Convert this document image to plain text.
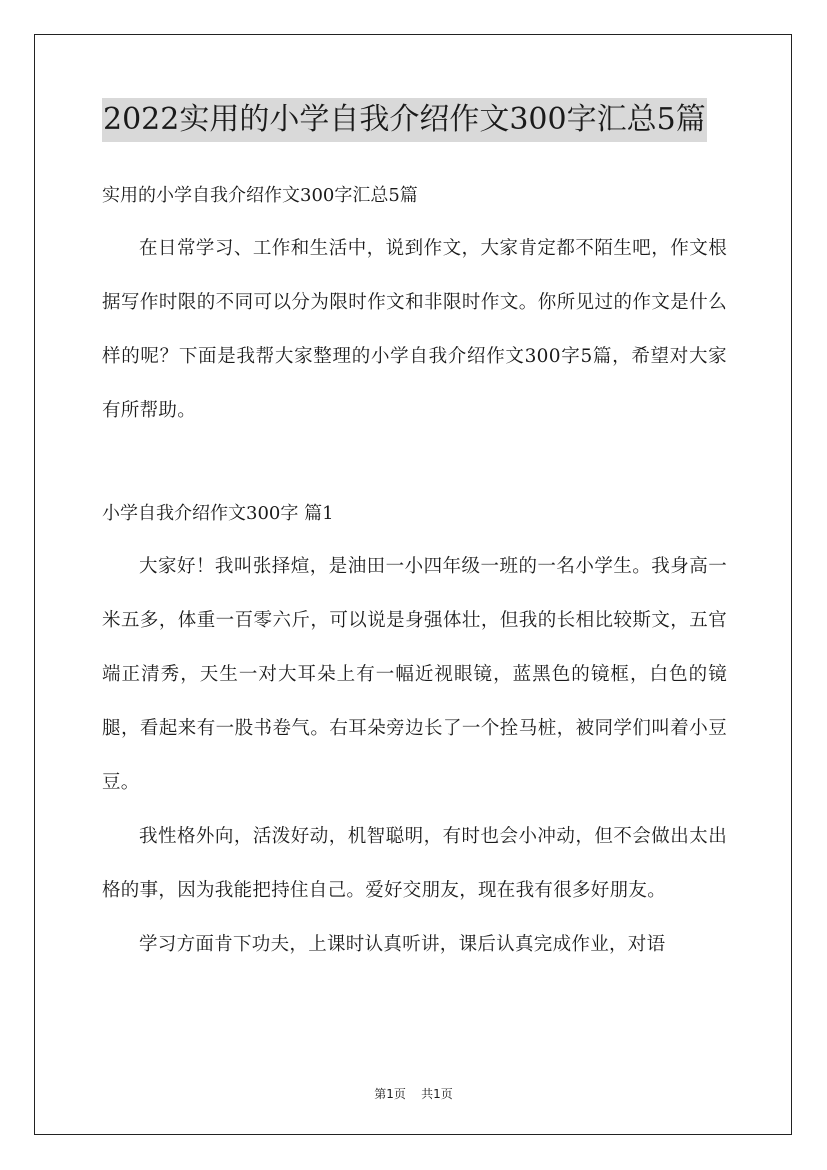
2022实用的小学自我介绍作文300字汇总5篇

实用的小学自我介绍作文300字汇总5篇

在日常学习、工作和生活中，说到作文，大家肯定都不陌生吧，作文根据写作时限的不同可以分为限时作文和非限时作文。你所见过的作文是什么样的呢？下面是我帮大家整理的小学自我介绍作文300字5篇，希望对大家有所帮助。

小学自我介绍作文300字 篇1

大家好！我叫张择煊，是油田一小四年级一班的一名小学生。我身高一米五多，体重一百零六斤，可以说是身强体壮，但我的长相比较斯文，五官端正清秀，天生一对大耳朵上有一幅近视眼镜，蓝黑色的镜框，白色的镜腿，看起来有一股书卷气。右耳朵旁边长了一个拴马桩，被同学们叫着小豆豆。

我性格外向，活泼好动，机智聪明，有时也会小冲动，但不会做出太出格的事，因为我能把持住自己。爱好交朋友，现在我有很多好朋友。

学习方面肯下功夫，上课时认真听讲，课后认真完成作业，对语

第1页 共1页
